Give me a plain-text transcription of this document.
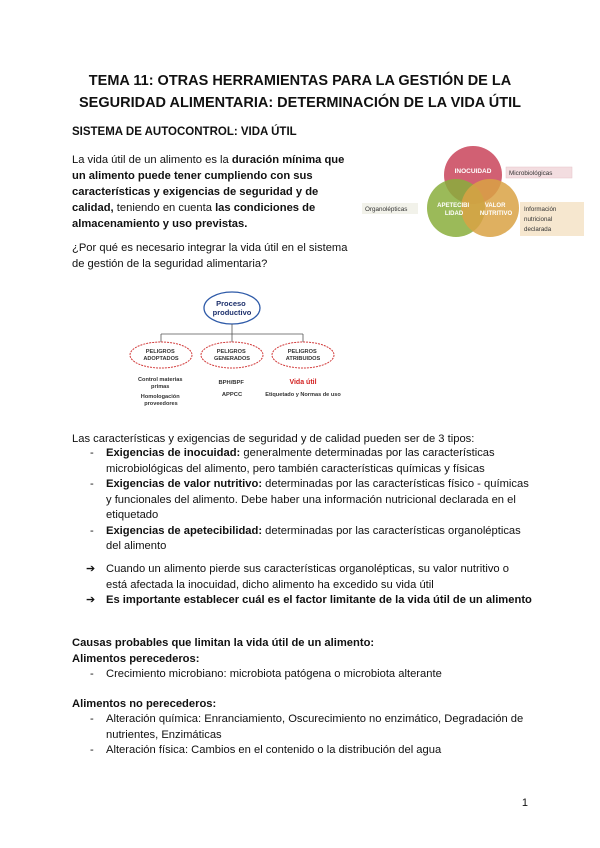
TEMA 11: OTRAS HERRAMIENTAS PARA LA GESTIÓN DE LA
SEGURIDAD ALIMENTARIA: DETERMINACIÓN DE LA VIDA ÚTIL
SISTEMA DE AUTOCONTROL: VIDA ÚTIL
La vida útil de un alimento es la duración mínima que un alimento puede tener cumpliendo con sus características y exigencias de seguridad y de calidad, teniendo en cuenta las condiciones de almacenamiento y uso previstas.
¿Por qué es necesario integrar la vida útil en el sistema de gestión de la seguridad alimentaria?
INOCUIDAD
APETECIBI LIDAD
VALOR NUTRITIVO
Microbiológicas
Organolépticas	Información nutricional declarada
Proceso productivo
PELIGROS ADOPTADOS
PELIGROS GENERADOS
PELIGROS ATRIBUIDOS
Control materias primas Homologación proveedores
BPH/BPF APPCC
Vida útil
Etiquetado y Normas de uso
Las características y exigencias de seguridad y de calidad pueden ser de 3 tipos:
- Exigencias de inocuidad: generalmente determinadas por las características microbiológicas del alimento, pero también características químicas y físicas
- Exigencias de valor nutritivo: determinadas por las características físico - químicas y funcionales del alimento. Debe haber una información nutricional declarada en el etiquetado
- Exigencias de apetecibilidad: determinadas por las características organolépticas del alimento
➔ Cuando un alimento pierde sus características organolépticas, su valor nutritivo o está afectada la inocuidad, dicho alimento ha excedido su vida útil
➔ Es importante establecer cuál es el factor limitante de la vida útil de un alimento
Causas probables que limitan la vida útil de un alimento:
Alimentos perecederos:
- Crecimiento microbiano: microbiota patógena o microbiota alterante
Alimentos no perecederos:
- Alteración química: Enranciamiento, Oscurecimiento no enzimático, Degradación de nutrientes, Enzimáticas
- Alteración física: Cambios en el contenido o la distribución del agua
1
